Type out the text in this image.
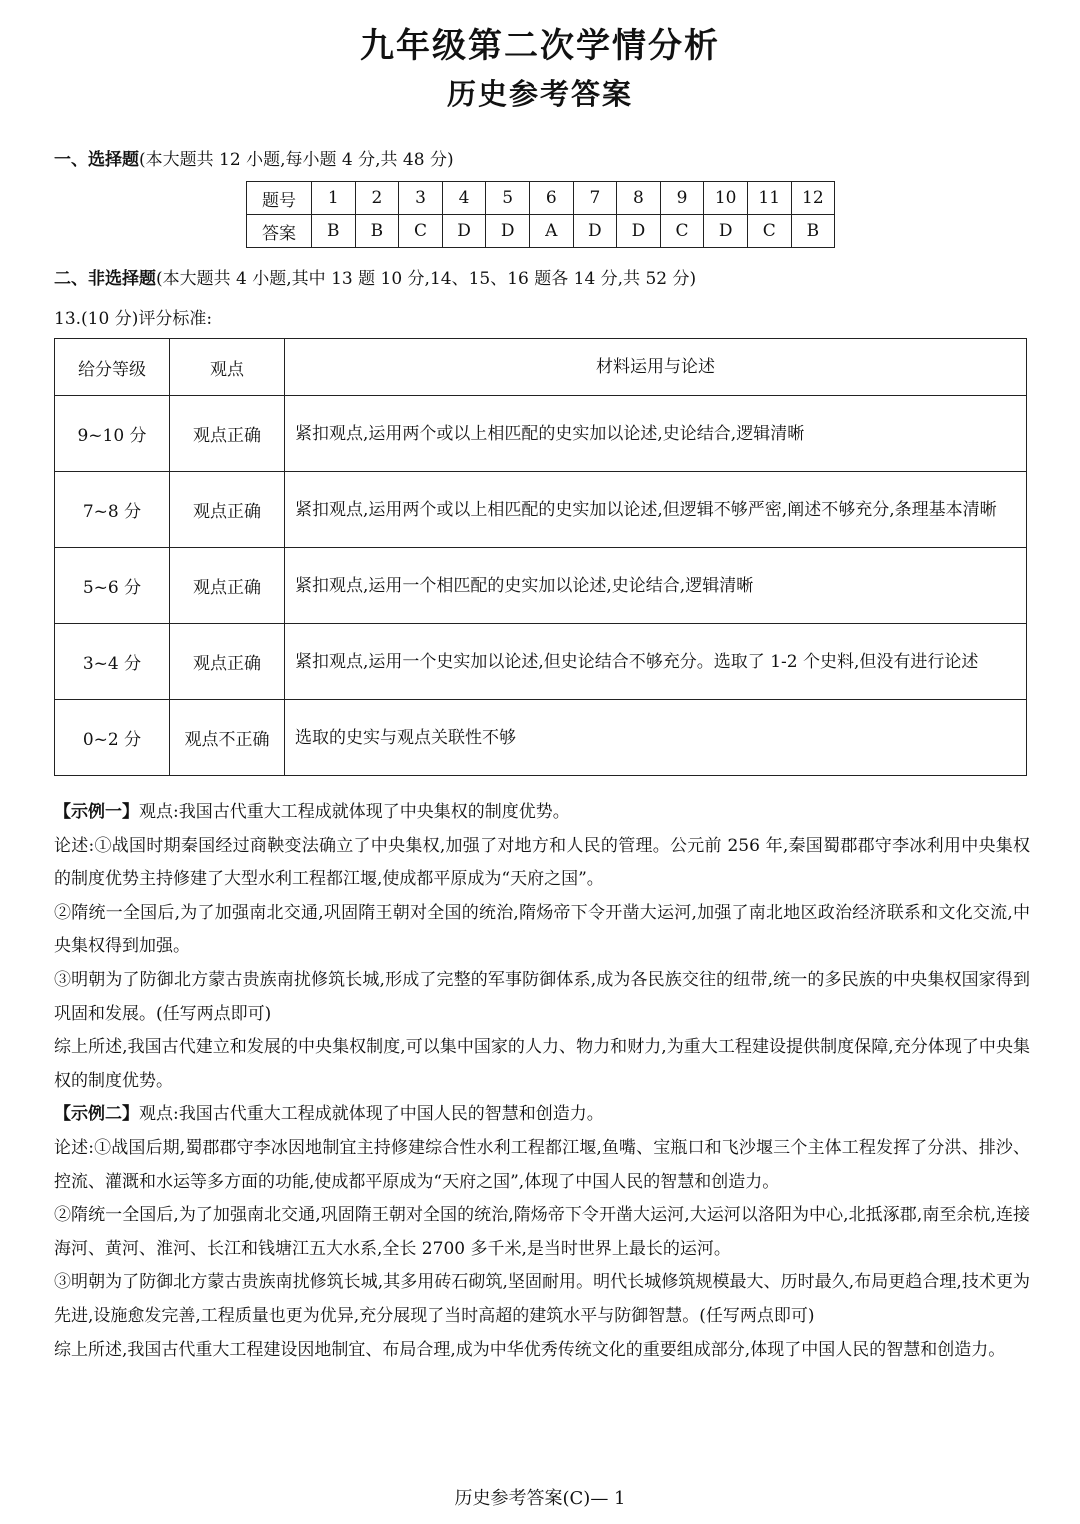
九年级第二次学情分析
历史参考答案
一、选择题(本大题共 12 小题,每小题 4 分,共 48 分)
题号	1	2	3	4	5	6	7	8	9	10	11	12
答案	B	B	C	D	D	A	D	D	C	D	C	B
二、非选择题(本大题共 4 小题,其中 13 题 10 分,14、15、16 题各 14 分,共 52 分)
13.(10 分)评分标准:
给分等级	观点	材料运用与论述
9~10 分	观点正确	紧扣观点,运用两个或以上相匹配的史实加以论述,史论结合,逻辑清晰
7~8 分	观点正确	紧扣观点,运用两个或以上相匹配的史实加以论述,但逻辑不够严密,阐述不够充分,条理基本清晰
5~6 分	观点正确	紧扣观点,运用一个相匹配的史实加以论述,史论结合,逻辑清晰
3~4 分	观点正确	紧扣观点,运用一个史实加以论述,但史论结合不够充分。选取了 1-2 个史料,但没有进行论述
0~2 分	观点不正确	选取的史实与观点关联性不够

【示例一】观点:我国古代重大工程成就体现了中央集权的制度优势。

论述:①战国时期秦国经过商鞅变法确立了中央集权,加强了对地方和人民的管理。公元前 256 年,秦国蜀郡郡守李冰利用中央集权的制度优势主持修建了大型水利工程都江堰,使成都平原成为“天府之国”。

②隋统一全国后,为了加强南北交通,巩固隋王朝对全国的统治,隋炀帝下令开凿大运河,加强了南北地区政治经济联系和文化交流,中央集权得到加强。

③明朝为了防御北方蒙古贵族南扰修筑长城,形成了完整的军事防御体系,成为各民族交往的纽带,统一的多民族的中央集权国家得到巩固和发展。(任写两点即可)

综上所述,我国古代建立和发展的中央集权制度,可以集中国家的人力、物力和财力,为重大工程建设提供制度保障,充分体现了中央集权的制度优势。

【示例二】观点:我国古代重大工程成就体现了中国人民的智慧和创造力。

论述:①战国后期,蜀郡郡守李冰因地制宜主持修建综合性水利工程都江堰,鱼嘴、宝瓶口和飞沙堰三个主体工程发挥了分洪、排沙、控流、灌溉和水运等多方面的功能,使成都平原成为“天府之国”,体现了中国人民的智慧和创造力。

②隋统一全国后,为了加强南北交通,巩固隋王朝对全国的统治,隋炀帝下令开凿大运河,大运河以洛阳为中心,北抵涿郡,南至余杭,连接海河、黄河、淮河、长江和钱塘江五大水系,全长 2700 多千米,是当时世界上最长的运河。

③明朝为了防御北方蒙古贵族南扰修筑长城,其多用砖石砌筑,坚固耐用。明代长城修筑规模最大、历时最久,布局更趋合理,技术更为先进,设施愈发完善,工程质量也更为优异,充分展现了当时高超的建筑水平与防御智慧。(任写两点即可)

综上所述,我国古代重大工程建设因地制宜、布局合理,成为中华优秀传统文化的重要组成部分,体现了中国人民的智慧和创造力。

历史参考答案(C)— 1
